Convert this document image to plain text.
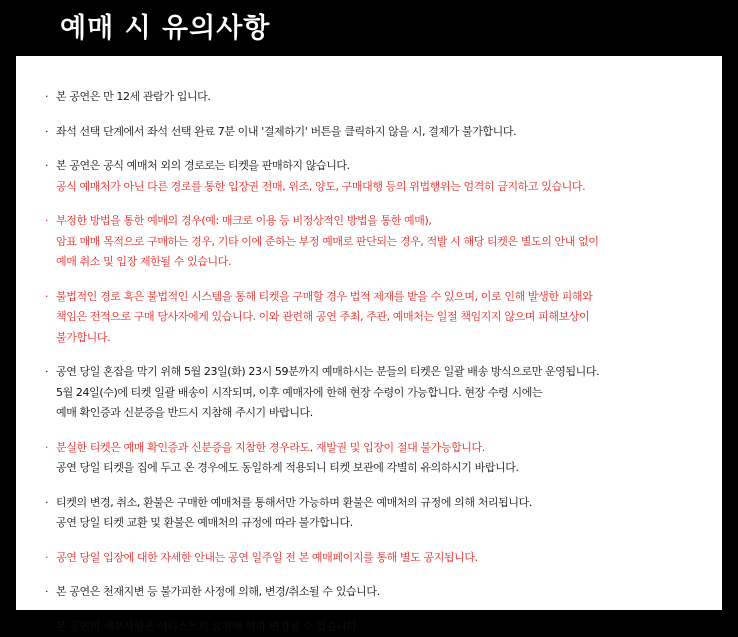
예매 시 유의사항
· 본 공연은 만 12세 관람가 입니다.
· 좌석 선택 단계에서 좌석 선택 완료 7분 이내 '결제하기' 버튼을 클릭하지 않을 시, 결제가 불가합니다.
· 본 공연은 공식 예매처 외의 경로로는 티켓을 판매하지 않습니다.
공식 예매처가 아닌 다른 경로를 통한 입장권 전매, 위조, 양도, 구매대행 등의 위법행위는 엄격히 금지하고 있습니다.
· 부정한 방법을 통한 예매의 경우(예: 매크로 이용 등 비정상적인 방법을 통한 예매),
암표 매매 목적으로 구매하는 경우, 기타 이에 준하는 부정 예매로 판단되는 경우, 적발 시 해당 티켓은 별도의 안내 없이
예매 취소 및 입장 제한될 수 있습니다.
· 불법적인 경로 혹은 불법적인 시스템을 통해 티켓을 구매할 경우 법적 제재를 받을 수 있으며, 이로 인해 발생한 피해와
책임은 전적으로 구매 당사자에게 있습니다. 이와 관련해 공연 주최, 주관, 예매처는 일절 책임지지 않으며 피해보상이
불가합니다.
· 공연 당일 혼잡을 막기 위해 5월 23일(화) 23시 59분까지 예매하시는 분들의 티켓은 일괄 배송 방식으로만 운영됩니다.
5월 24일(수)에 티켓 일괄 배송이 시작되며, 이후 예매자에 한해 현장 수령이 가능합니다. 현장 수령 시에는
예매 확인증과 신분증을 반드시 지참해 주시기 바랍니다.
· 분실한 티켓은 예매 확인증과 신분증을 지참한 경우라도, 재발권 및 입장이 절대 불가능합니다.
공연 당일 티켓을 집에 두고 온 경우에도 동일하게 적용되니 티켓 보관에 각별히 유의하시기 바랍니다.
· 티켓의 변경, 취소, 환불은 구매한 예매처를 통해서만 가능하며 환불은 예매처의 규정에 의해 처리됩니다.
공연 당일 티켓 교환 및 환불은 예매처의 규정에 따라 불가합니다.
· 공연 당일 입장에 대한 자세한 안내는 공연 일주일 전 본 예매페이지를 통해 별도 공지됩니다.
· 본 공연은 천재지변 등 불가피한 사정에 의해, 변경/취소될 수 있습니다.
· 본 공연의 세부사항은 아티스트의 요청에 따라 변경될 수 있습니다.
